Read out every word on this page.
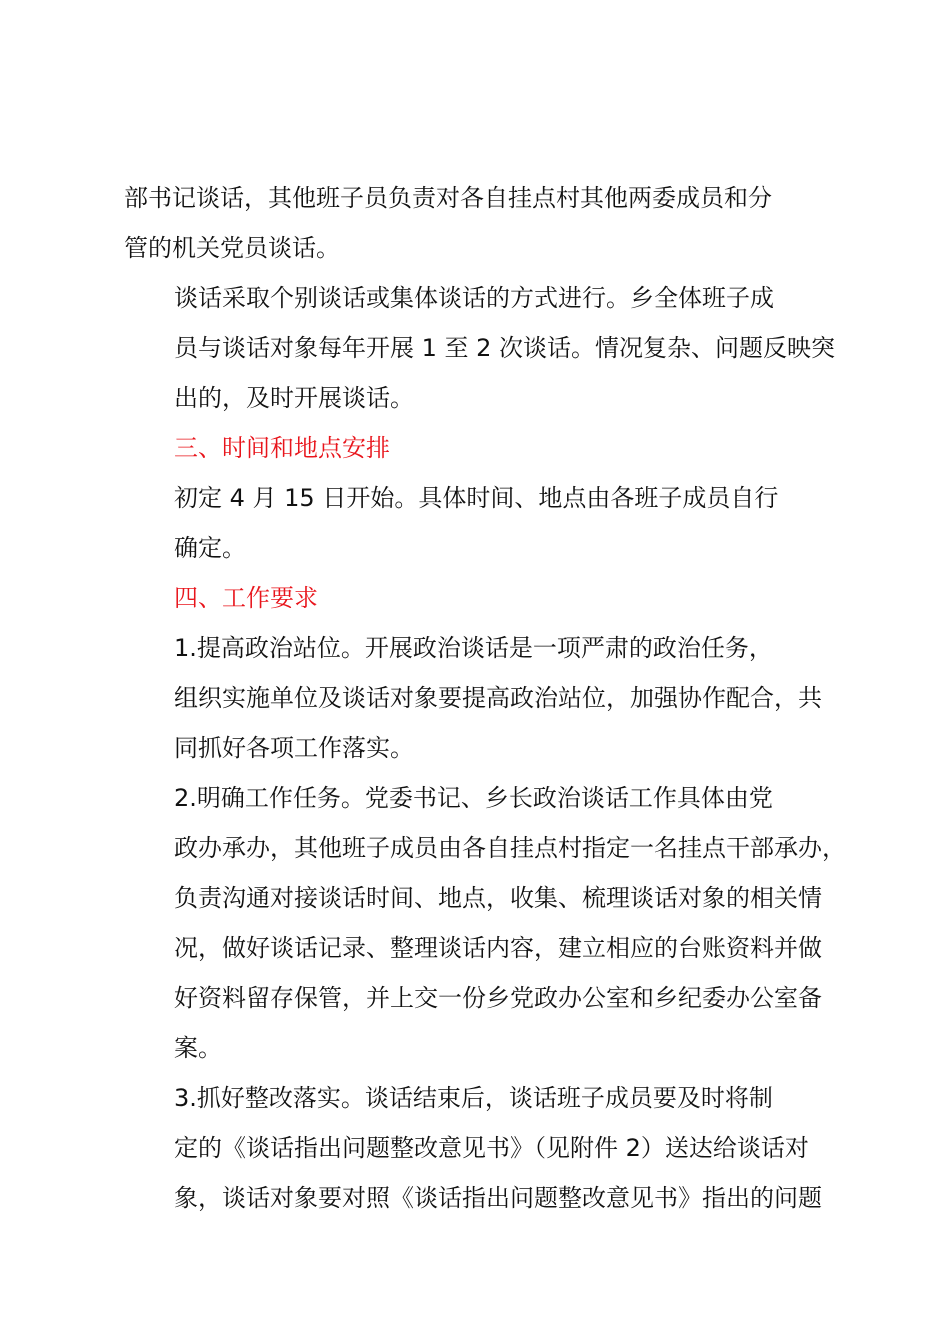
部书记谈话，其他班子员负责对各自挂点村其他两委成员和分
管的机关党员谈话。

谈话采取个别谈话或集体谈话的方式进行。乡全体班子成
员与谈话对象每年开展 1 至 2 次谈话。情况复杂、问题反映突
出的，及时开展谈话。

三、时间和地点安排

初定 4 月 15 日开始。具体时间、地点由各班子成员自行
确定。

四、工作要求

1.提高政治站位。开展政治谈话是一项严肃的政治任务，
组织实施单位及谈话对象要提高政治站位，加强协作配合，共
同抓好各项工作落实。

2.明确工作任务。党委书记、乡长政治谈话工作具体由党
政办承办，其他班子成员由各自挂点村指定一名挂点干部承办，
负责沟通对接谈话时间、地点，收集、梳理谈话对象的相关情
况，做好谈话记录、整理谈话内容，建立相应的台账资料并做
好资料留存保管，并上交一份乡党政办公室和乡纪委办公室备
案。

3.抓好整改落实。谈话结束后，谈话班子成员要及时将制
定的《谈话指出问题整改意见书》（见附件 2）送达给谈话对
象，谈话对象要对照《谈话指出问题整改意见书》指出的问题
